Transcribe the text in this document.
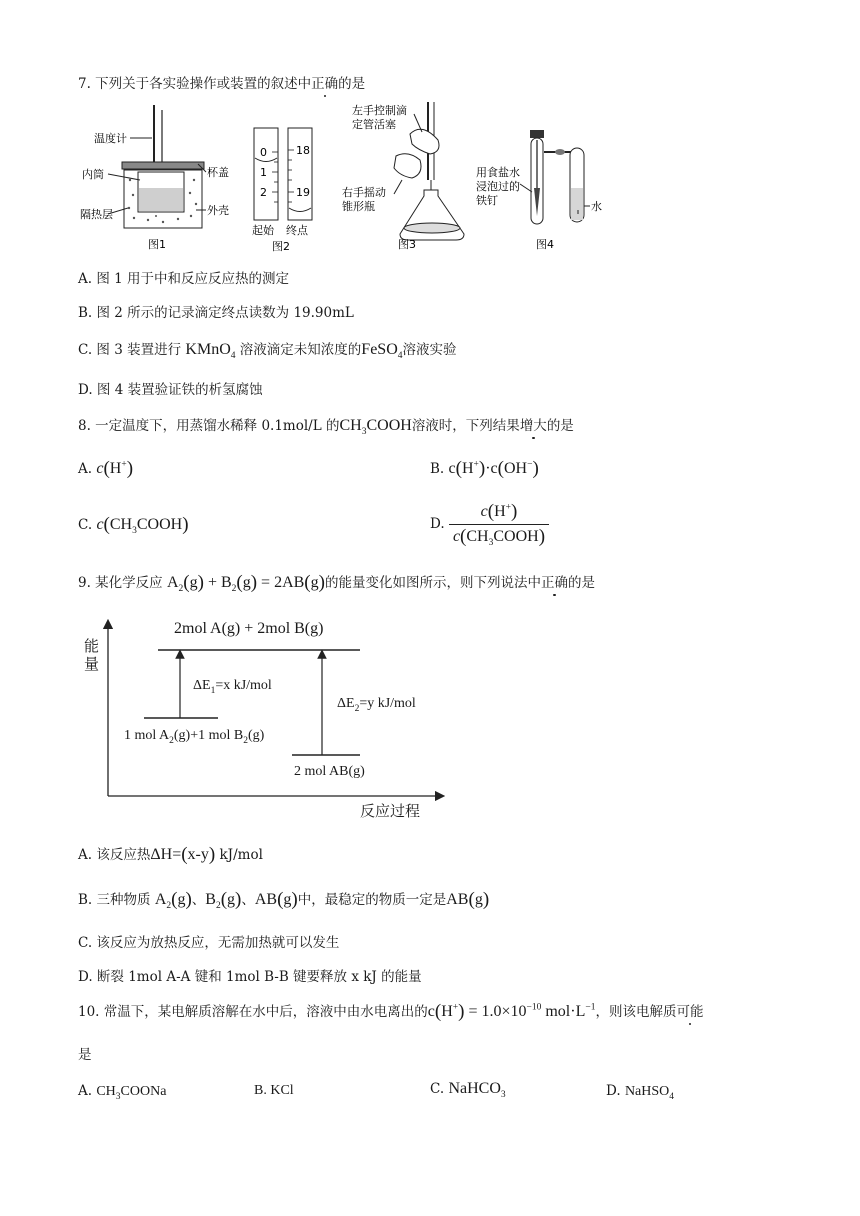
7. 下列关于各实验操作或装置的叙述中正确的是
温度计
内筒
隔热层
杯盖
外壳
图1
0
1
2
18
19
起始 终点
图2
左手控制滴
定管活塞
右手摇动
锥形瓶
图3
用食盐水
浸泡过的
铁钉	水
图4
A. 图 1 用于中和反应反应热的测定
B. 图 2 所示的记录滴定终点读数为 19.90mL
C. 图 3 装置进行 KMnO$_4$ 溶液滴定未知浓度的FeSO$_4$溶液实验
D. 图 4 装置验证铁的析氢腐蚀
8. 一定温度下，用蒸馏水稀释 0.1mol/L 的$CH_3COOH$溶液时，下列结果增大的是
A. c(H+)	B. c(H+)·c(OH−)
C. $c(CH_3COOH)$	D. $\frac{c(H^+)}{c(CH_3COOH)}$
9. 某化学反应 $A_2(g) + B_2(g) = 2AB(g)$的能量变化如图所示，则下列说法中正确的是
能
量
反应过程
2mol A(g) + 2mol B(g)
$\Delta E_1=x$ kJ/mol
$\Delta E_2=y$ kJ/mol
1 mol $A_2(g)+1$ mol $B_2(g)$
2 mol AB(g)
A. 该反应热ΔH=(x-y) kJ/mol
B. 三种物质 $A_2(g)$、$B_2(g)$、AB(g)中，最稳定的物质一定是AB(g)
C. 该反应为放热反应，无需加热就可以发生
D. 断裂 1mol A-A 键和 1mol B-B 键要释放 x kJ 的能量
10. 常温下，某电解质溶解在水中后，溶液中由水电离出的$c(H^+) = 1.0\times 10^{-10}$ $mol\cdot L^{-1}$，则该电解质可能
是
A. $CH_3COONa$	B. KCl	C. NaHCO$_3$	D. NaHSO$_4$
